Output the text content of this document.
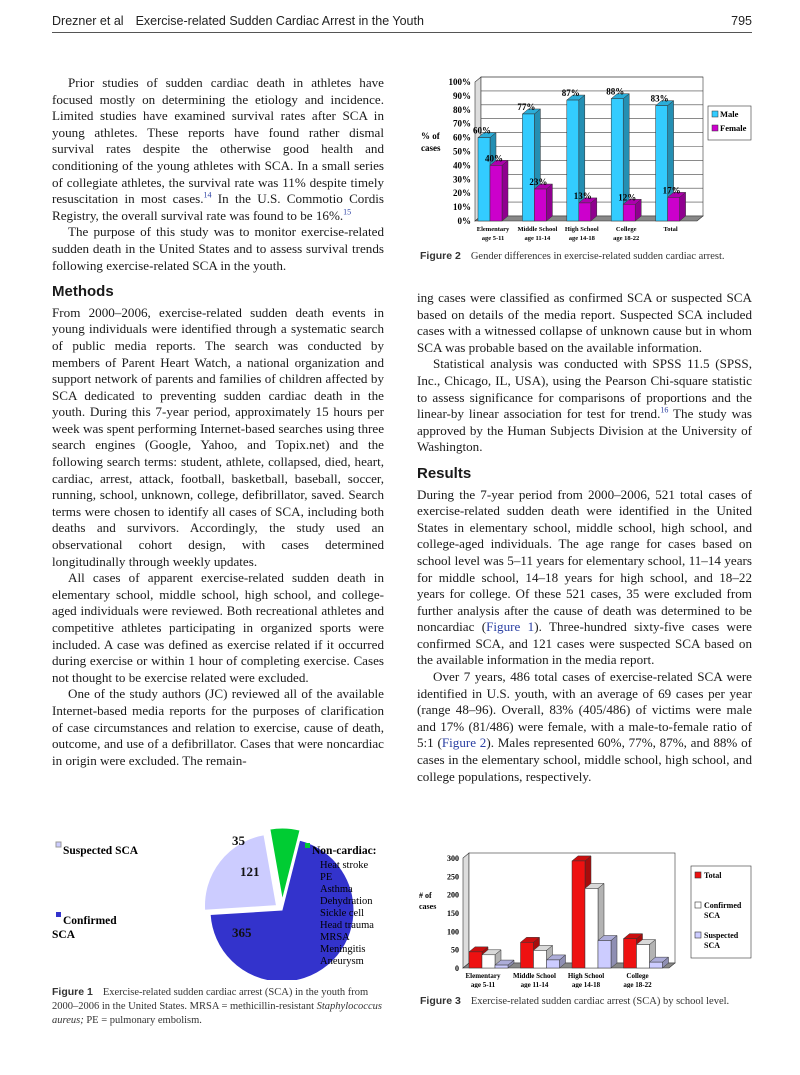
Drezner et al Exercise-related Sudden Cardiac Arrest in the Youth	795

Prior studies of sudden cardiac death in athletes have focused mostly on determining the etiology and incidence. Limited studies have examined survival rates after SCA in young athletes. These reports have found rather dismal survival rates despite the otherwise good health and conditioning of the young athletes with SCA. In a small series of collegiate athletes, the survival rate was 11% despite timely resuscitation in most cases.$^{14}$ In the U.S. Commotio Cordis Registry, the overall survival rate was found to be 16%.$^{15}$

The purpose of this study was to monitor exercise-related sudden death in the United States and to assess survival trends following exercise-related SCA in the youth.

Methods

From 2000–2006, exercise-related sudden death events in young individuals were identified through a systematic search of public media reports. The search was conducted by members of Parent Heart Watch, a national organization and support network of parents and families of children affected by SCA dedicated to preventing sudden cardiac death in the youth. During this 7-year period, approximately 15 hours per week was spent performing Internet-based searches using three search engines (Google, Yahoo, and Topix.net) and the following search terms: student, athlete, collapsed, died, heart, cardiac, arrest, attack, football, basketball, baseball, soccer, running, school, unknown, college, defibrillator, saved. Search terms were chosen to identify all cases of SCA, including both deaths and survivors. Accordingly, the study used an observational cohort design, with cases determined longitudinally through weekly updates.

All cases of apparent exercise-related sudden death in elementary school, middle school, high school, and college-aged individuals were reviewed. Both recreational athletes and competitive athletes participating in organized sports were included. A case was defined as exercise related if it occurred during exercise or within 1 hour of completing exercise. Cases not thought to be exercise related were excluded.

One of the study authors (JC) reviewed all of the available Internet-based media reports for the purposes of clarification of case circumstances and relation to exercise, cause of death, outcome, and use of a defibrillator. Cases that were noncardiac in origin were excluded. The remain-

ing cases were classified as confirmed SCA or suspected SCA based on details of the media report. Suspected SCA included cases with a witnessed collapse of unknown cause but in whom SCA was probable based on the available information.

Statistical analysis was conducted with SPSS 11.5 (SPSS, Inc., Chicago, IL, USA), using the Pearson Chi-square statistic to assess significance for comparisons of proportions and the linear-by linear association for test for trend.$^{16}$ The study was approved by the Human Subjects Division at the University of Washington.

Results

During the 7-year period from 2000–2006, 521 total cases of exercise-related sudden death were identified in the United States in elementary school, middle school, high school, and college-aged individuals. The age range for cases based on school level was 5–11 years for elementary school, 11–14 years for middle school, 14–18 years for high school, and 18–22 years for college. Of these 521 cases, 35 were excluded from further analysis after the cause of death was determined to be noncardiac (Figure 1). Three-hundred sixty-five cases were confirmed SCA, and 121 cases were suspected SCA based on the available information in the media report.

Over 7 years, 486 total cases of exercise-related SCA were identified in U.S. youth, with an average of 69 cases per year (range 48–96). Overall, 83% (405/486) of victims were male and 17% (81/486) were female, with a male-to-female ratio of 5:1 (Figure 2). Males represented 60%, 77%, 87%, and 88% of cases in the elementary school, middle school, high school, and college populations, respectively.

121
365
35
Suspected SCA
Confirmed
SCA
Non-cardiac:
Heat stroke
PE
Asthma
Dehydration
Sickle cell
Head trauma
MRSA
Meningitis
Aneurysm
Figure 1 Exercise-related sudden cardiac arrest (SCA) in the youth from 2000–2006 in the United States. MRSA = methicillin-resistant Staphylococcus aureus; PE = pulmonary embolism.
0%
10%
20%
30%
40%
50%
60%
70%
80%
90%
100%
% of
cases
60%
40%
Elementary
age 5-11
77%
23%
Middle School
age 11-14
87%
13%
High School
age 14-18
88%
12%
College
age 18-22
83%
17%
Total
Male
Female
Figure 2 Gender differences in exercise-related sudden cardiac arrest.
0
50
100
150
200
250
300
# of
cases
Elementary
age 5-11
Middle School
age 11-14
High School
age 14-18
College
age 18-22
Total
Confirmed
SCA
Suspected
SCA
Figure 3 Exercise-related sudden cardiac arrest (SCA) by school level.
